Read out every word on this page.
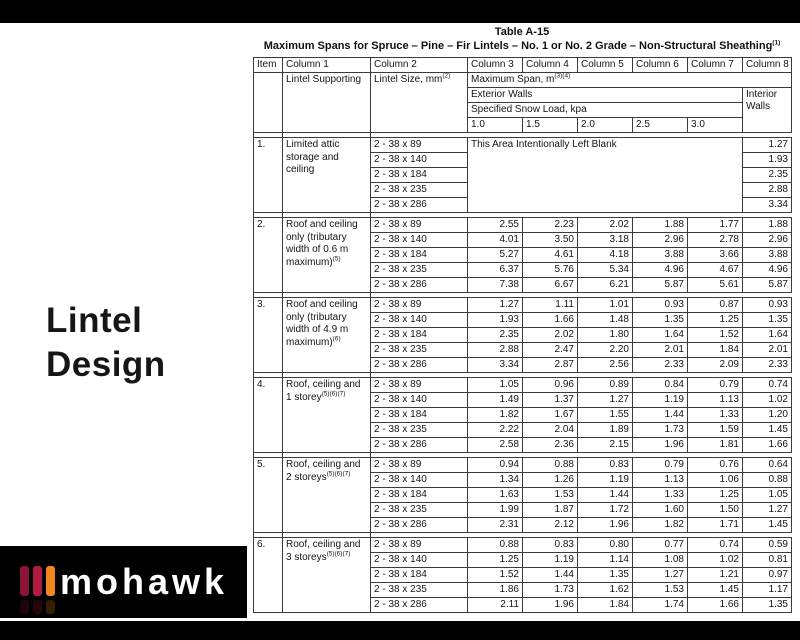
Table A-15
Maximum Spans for Spruce – Pine – Fir Lintels – No. 1 or No. 2 Grade – Non-Structural Sheathing$^{(1)}$
Lintel
Design
Item	Column 1	Column 2	Column 3	Column 4	Column 5	Column 6	Column 7	Column 8
	Lintel Supporting	Lintel Size, $mm^{(2)}$	Maximum Span, $m^{(3)(4)}$
			Exterior Walls					Interior Walls
			Specified Snow Load, kpa					
			1.0	1.5	2.0	2.5	3.0	

1.	Limited attic
storage and
ceiling	2 - 38 x 89	This Area Intentionally Left Blank					1.27
		2 - 38 x 140						1.93
		2 - 38 x 184						2.35
		2 - 38 x 235						2.88
		2 - 38 x 286						3.34

2.	Roof and ceiling
only (tributary
width of 0.6 m
maximum)$^{(5)}$	2 - 38 x 89	2.55	2.23	2.02	1.88	1.77	1.88
		2 - 38 x 140	4.01	3.50	3.18	2.96	2.78	2.96
		2 - 38 x 184	5.27	4.61	4.18	3.88	3.66	3.88
		2 - 38 x 235	6.37	5.76	5.34	4.96	4.67	4.96
		2 - 38 x 286	7.38	6.67	6.21	5.87	5.61	5.87

3.	Roof and ceiling
only (tributary
width of 4.9 m
maximum)$^{(6)}$	2 - 38 x 89	1.27	1.11	1.01	0.93	0.87	0.93
		2 - 38 x 140	1.93	1.66	1.48	1.35	1.25	1.35
		2 - 38 x 184	2.35	2.02	1.80	1.64	1.52	1.64
		2 - 38 x 235	2.88	2.47	2.20	2.01	1.84	2.01
		2 - 38 x 286	3.34	2.87	2.56	2.33	2.09	2.33

4.	Roof, ceiling and
1 storey$^{(5)(6)(7)}$	2 - 38 x 89	1.05	0.96	0.89	0.84	0.79	0.74
		2 - 38 x 140	1.49	1.37	1.27	1.19	1.13	1.02
		2 - 38 x 184	1.82	1.67	1.55	1.44	1.33	1.20
		2 - 38 x 235	2.22	2.04	1.89	1.73	1.59	1.45
		2 - 38 x 286	2.58	2.36	2.15	1.96	1.81	1.66

5.	Roof, ceiling and
2 storeys$^{(5)(6)(7)}$	2 - 38 x 89	0.94	0.88	0.83	0.79	0.76	0.64
		2 - 38 x 140	1.34	1.26	1.19	1.13	1.06	0.88
		2 - 38 x 184	1.63	1.53	1.44	1.33	1.25	1.05
		2 - 38 x 235	1.99	1.87	1.72	1.60	1.50	1.27
		2 - 38 x 286	2.31	2.12	1.96	1.82	1.71	1.45

6.	Roof, ceiling and
3 storeys$^{(5)(6)(7)}$	2 - 38 x 89	0.88	0.83	0.80	0.77	0.74	0.59
		2 - 38 x 140	1.25	1.19	1.14	1.08	1.02	0.81
		2 - 38 x 184	1.52	1.44	1.35	1.27	1.21	0.97
		2 - 38 x 235	1.86	1.73	1.62	1.53	1.45	1.17
		2 - 38 x 286	2.11	1.96	1.84	1.74	1.66	1.35
mohawk
